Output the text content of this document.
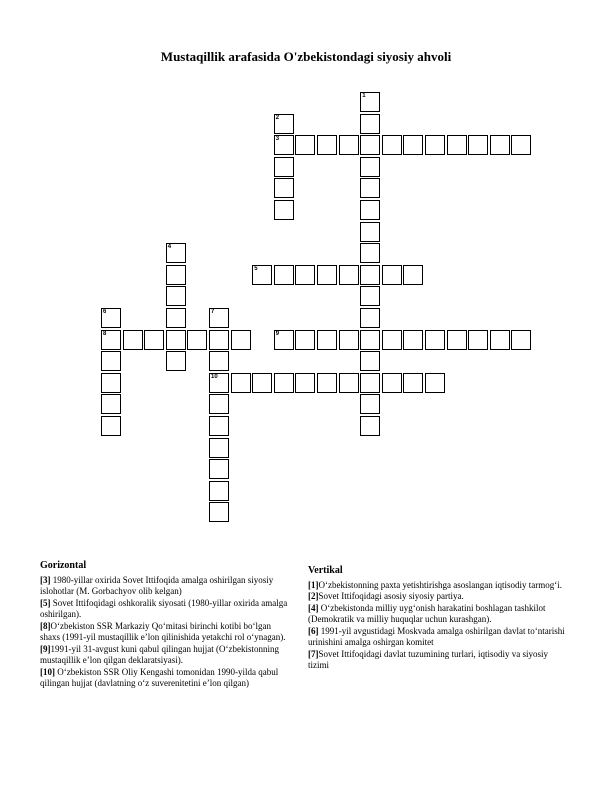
Mustaqillik arafasida O'zbekistondagi siyosiy ahvoli
1
2
3
4
5
6
8
7
10
9
Gorizontal

[3] 1980-yillar oxirida Sovet Ittifoqida amalga oshirilgan siyosiy islohotlar (M. Gorbachyov olib kelgan)

[5] Sovet Ittifoqidagi oshkoralik siyosati (1980-yillar oxirida amalga oshirilgan).

[8]O‘zbekiston SSR Markaziy Qo‘mitasi birinchi kotibi bo‘lgan shaxs (1991-yil mustaqillik e’lon qilinishida yetakchi rol o‘ynagan).

[9]1991-yil 31-avgust kuni qabul qilingan hujjat (O‘zbekistonning mustaqillik e’lon qilgan deklaratsiyasi).

[10] O‘zbekiston SSR Oliy Kengashi tomonidan 1990-yilda qabul qilingan hujjat (davlatning o‘z suverenitetini e’lon qilgan)

Vertikal

[1]O‘zbekistonning paxta yetishtirishga asoslangan iqtisodiy tarmog‘i.

[2]Sovet Ittifoqidagi asosiy siyosiy partiya.

[4] O‘zbekistonda milliy uyg‘onish harakatini boshlagan tashkilot (Demokratik va milliy huquqlar uchun kurashgan).

[6] 1991-yil avgustidagi Moskvada amalga oshirilgan davlat to‘ntarishi urinishini amalga oshirgan komitet

[7]Sovet Ittifoqidagi davlat tuzumining turlari, iqtisodiy va siyosiy tizimi
